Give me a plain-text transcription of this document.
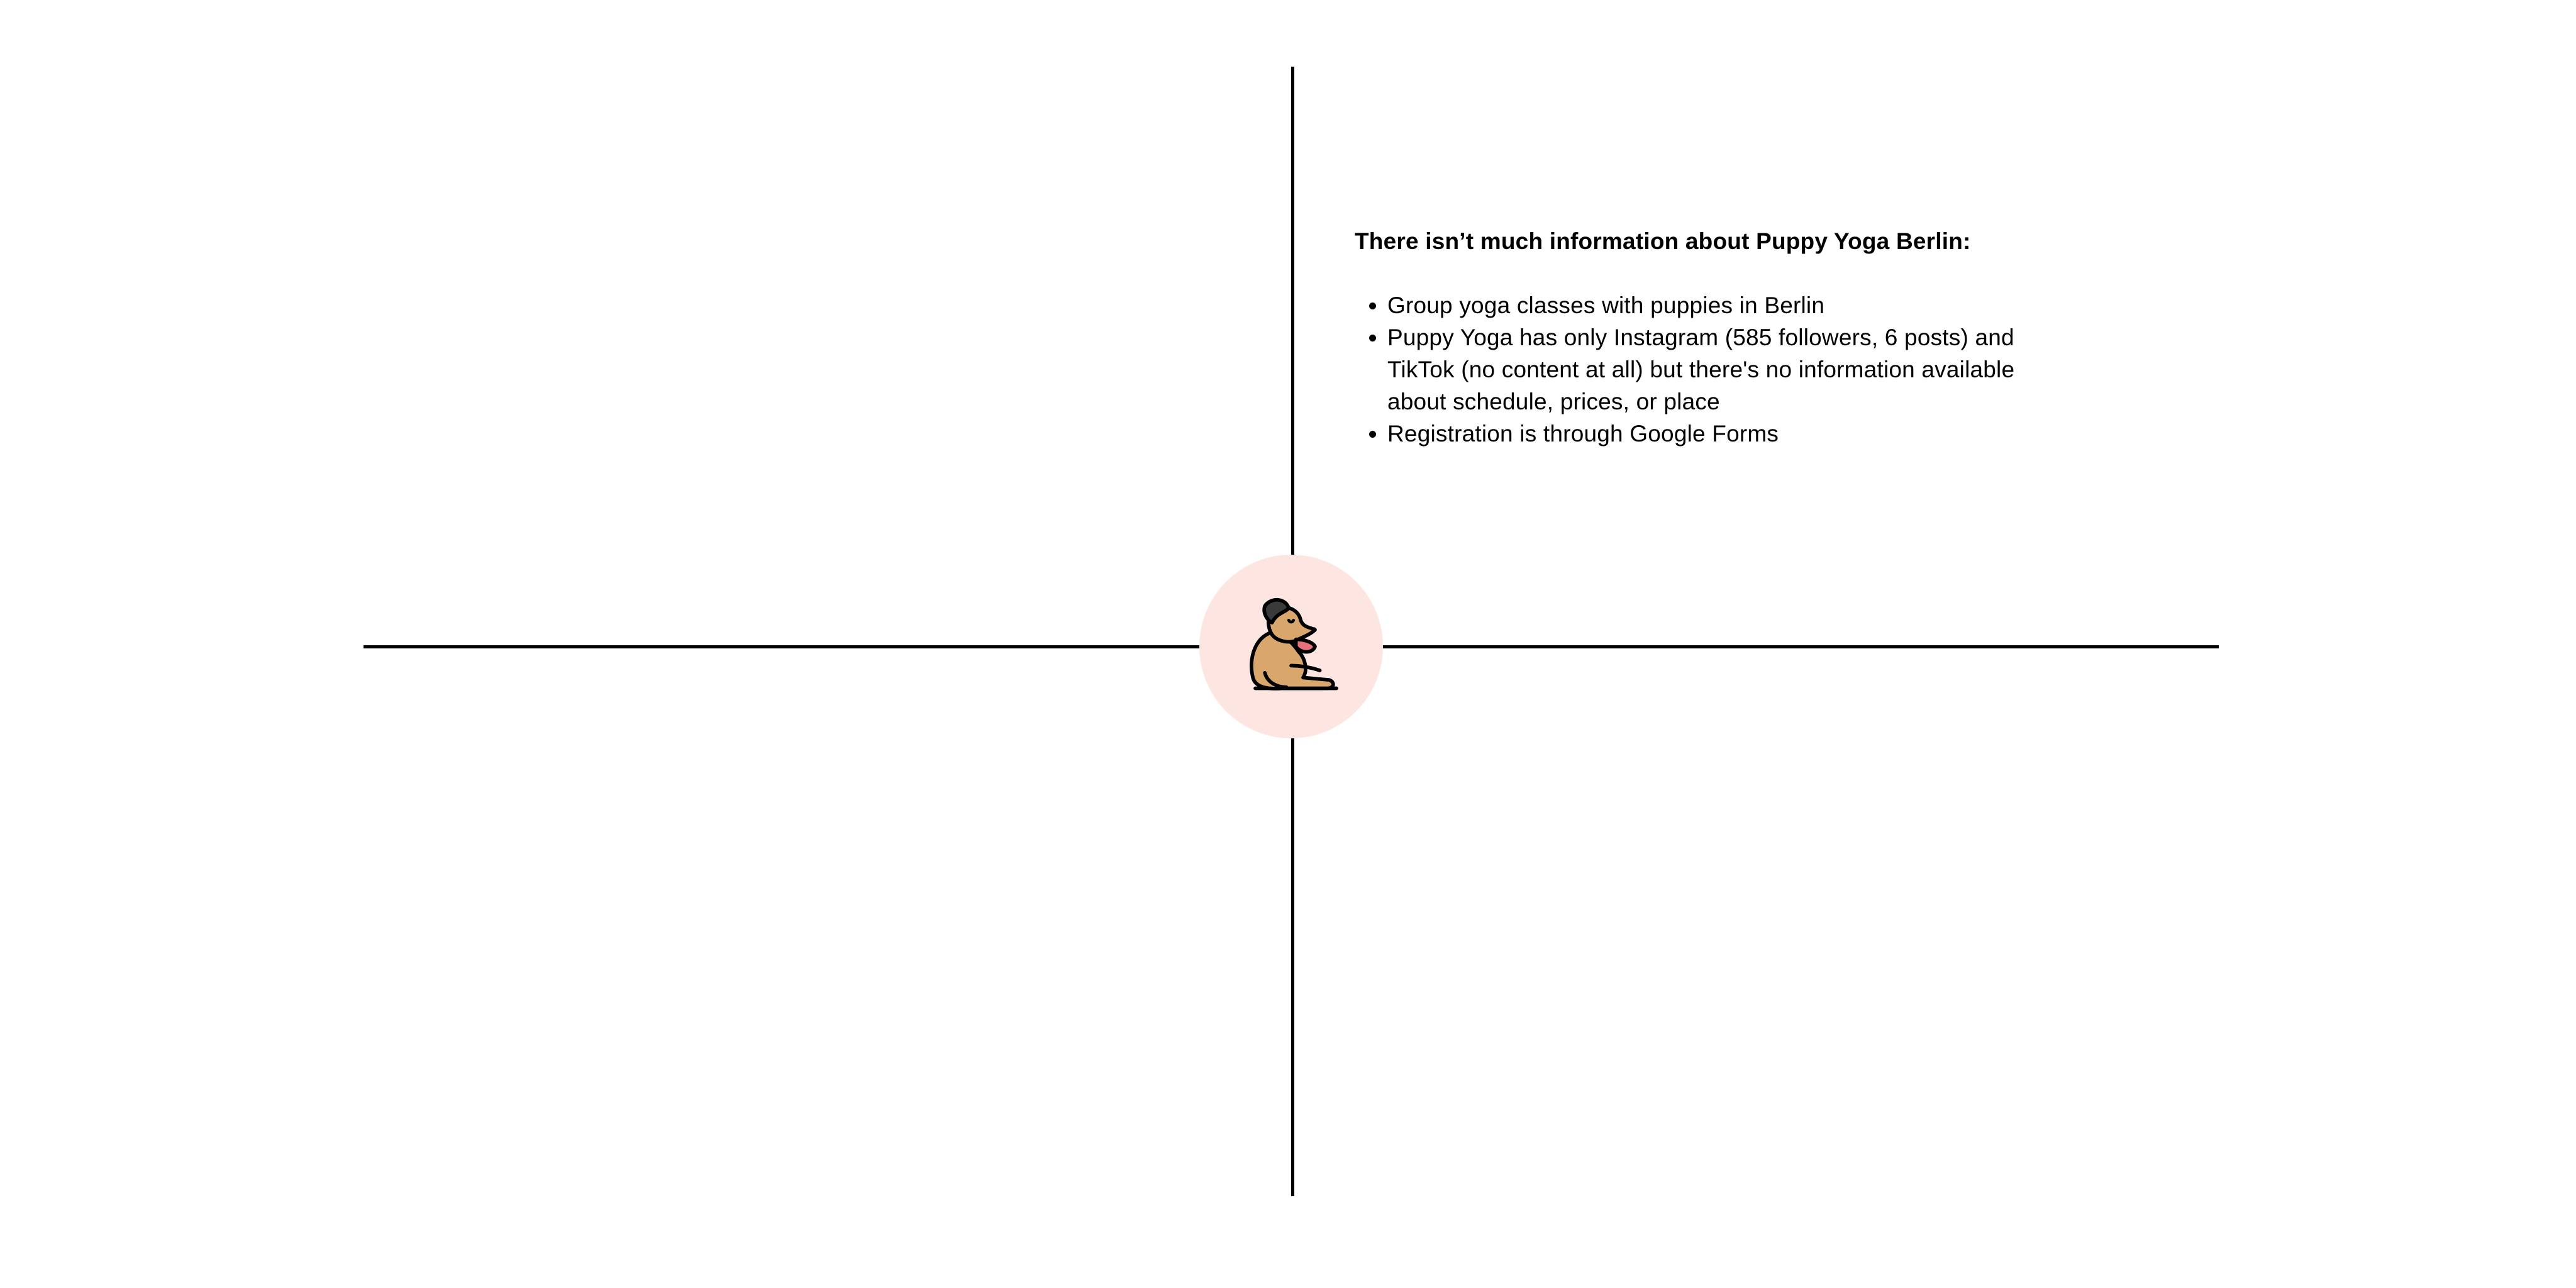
There isn’t much information about Puppy Yoga Berlin:
• Group yoga classes with puppies in Berlin
• Puppy Yoga has only Instagram (585 followers, 6 posts) and TikTok (no content at all) but there's no information available about schedule, prices, or place
• Registration is through Google Forms
